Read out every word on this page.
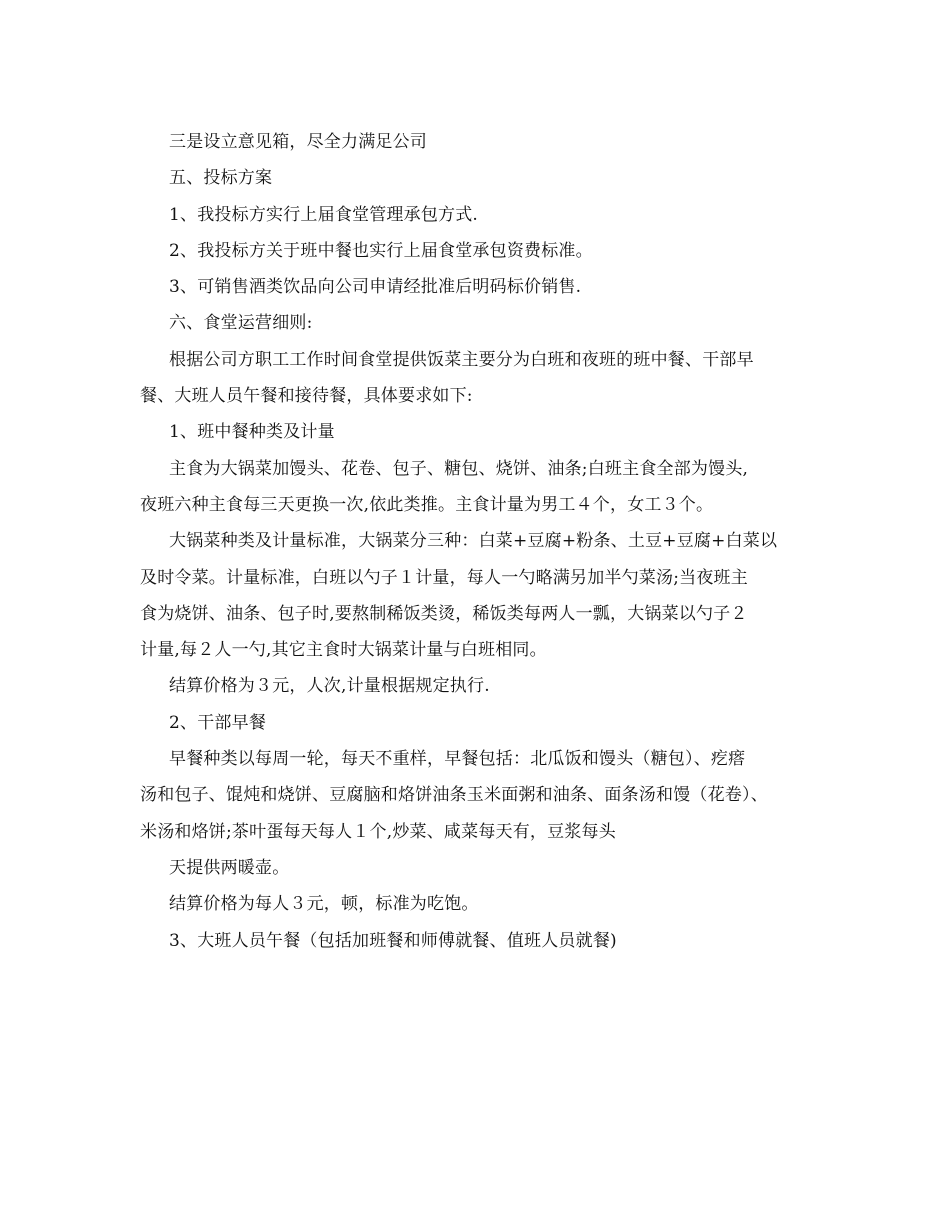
三是设立意见箱，尽全力满足公司
五、投标方案
1、我投标方实行上届食堂管理承包方式.
2、我投标方关于班中餐也实行上届食堂承包资费标准。
3、可销售酒类饮品向公司申请经批准后明码标价销售.
六、食堂运营细则:
根据公司方职工工作时间食堂提供饭菜主要分为白班和夜班的班中餐、干部早
餐、大班人员午餐和接待餐，具体要求如下:
1、班中餐种类及计量
主食为大锅菜加馒头、花卷、包子、糖包、烧饼、油条;白班主食全部为馒头,
夜班六种主食每三天更换一次,依此类推。主食计量为男工４个，女工３个。
大锅菜种类及计量标准，大锅菜分三种：白菜+豆腐+粉条、土豆+豆腐+白菜以
及时令菜。计量标准，白班以勺子１计量，每人一勺略满另加半勺菜汤;当夜班主
食为烧饼、油条、包子时,要熬制稀饭类烫，稀饭类每两人一瓢，大锅菜以勺子２
计量,每２人一勺,其它主食时大锅菜计量与白班相同。
结算价格为３元，人次,计量根据规定执行.
2、干部早餐
早餐种类以每周一轮，每天不重样，早餐包括：北瓜饭和馒头（糖包）、疙瘩
汤和包子、馄炖和烧饼、豆腐脑和烙饼油条玉米面粥和油条、面条汤和馒（花卷）、
米汤和烙饼;茶叶蛋每天每人１个,炒菜、咸菜每天有，豆浆每头
天提供两暖壶。
结算价格为每人３元，顿，标准为吃饱。
3、大班人员午餐（包括加班餐和师傅就餐、值班人员就餐)
